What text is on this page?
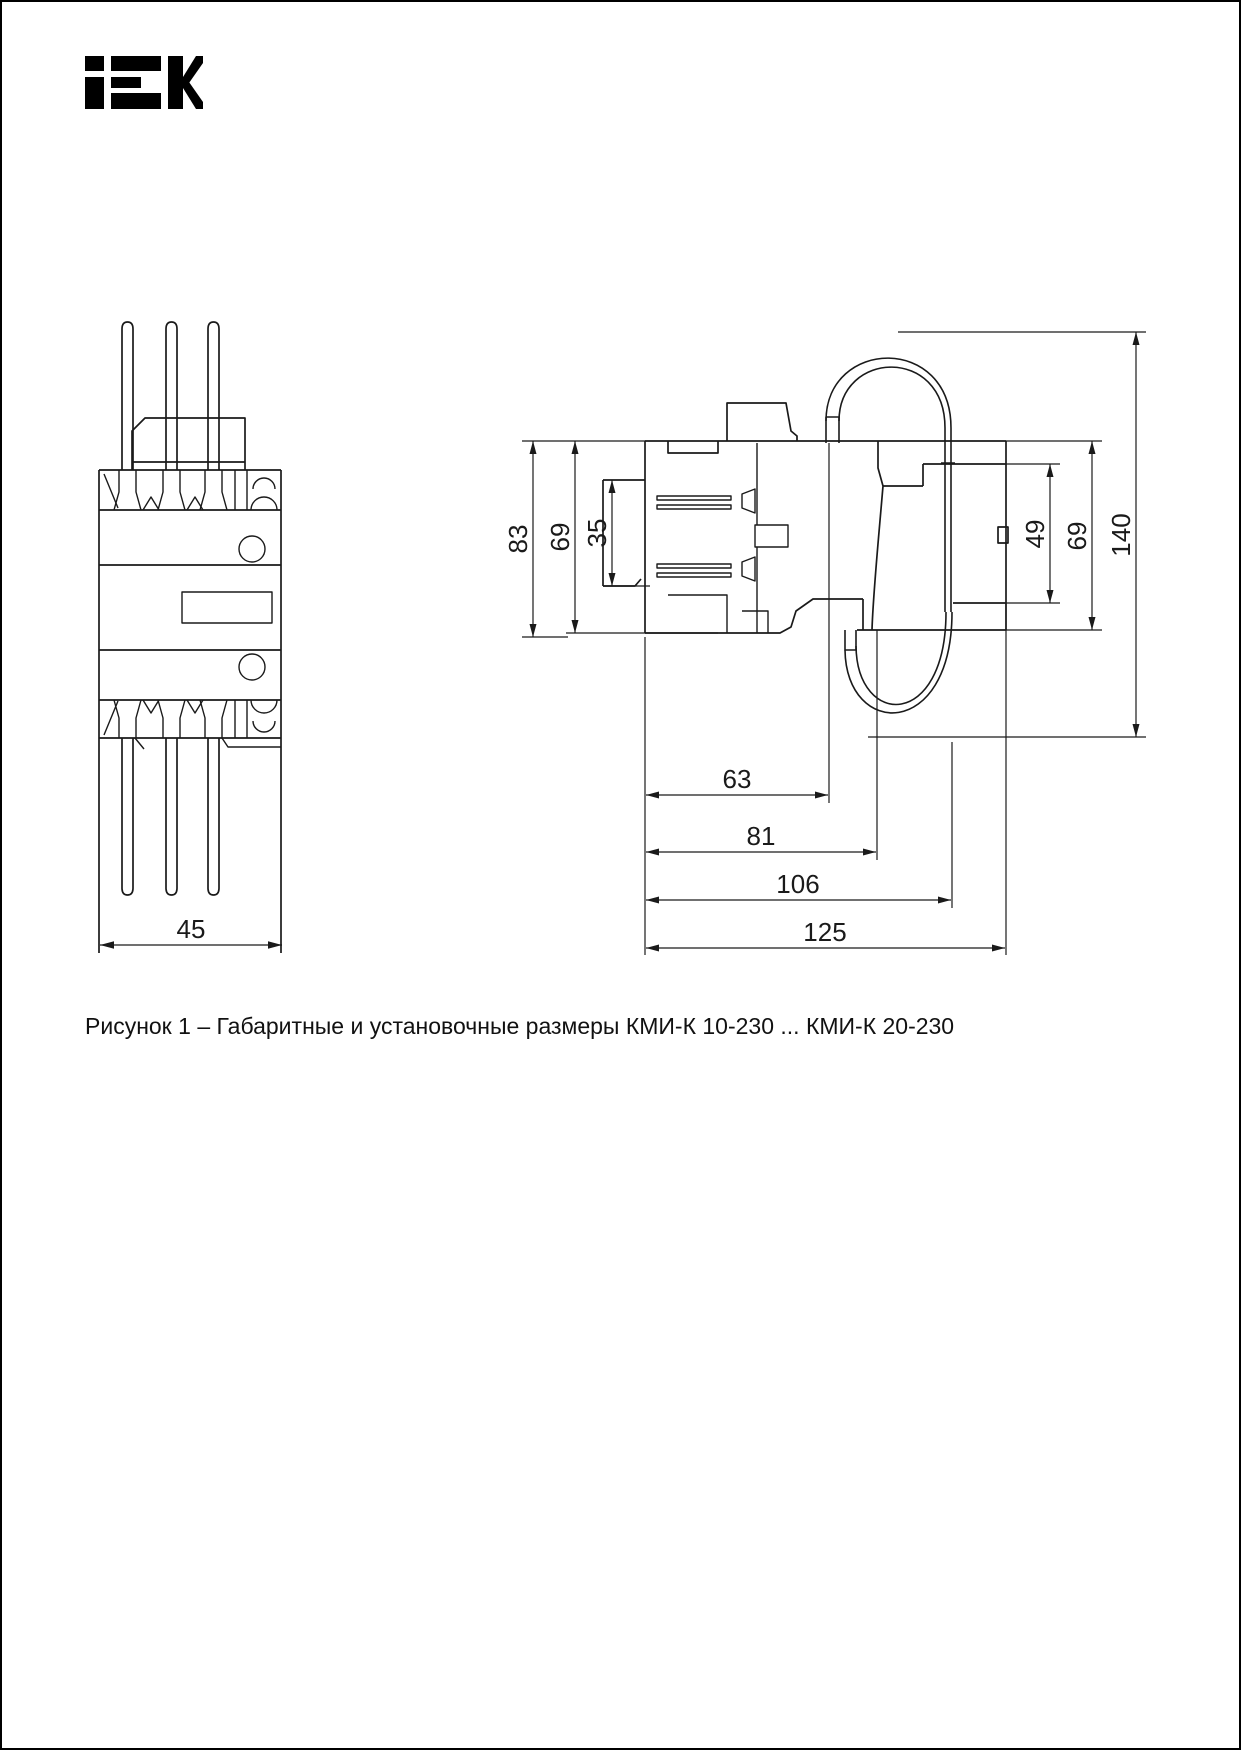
45
83 69 35	49 69 140
63
81
106
125
Рисунок 1 – Габаритные и установочные размеры КМИ-К 10-230 ... КМИ-К 20-230
